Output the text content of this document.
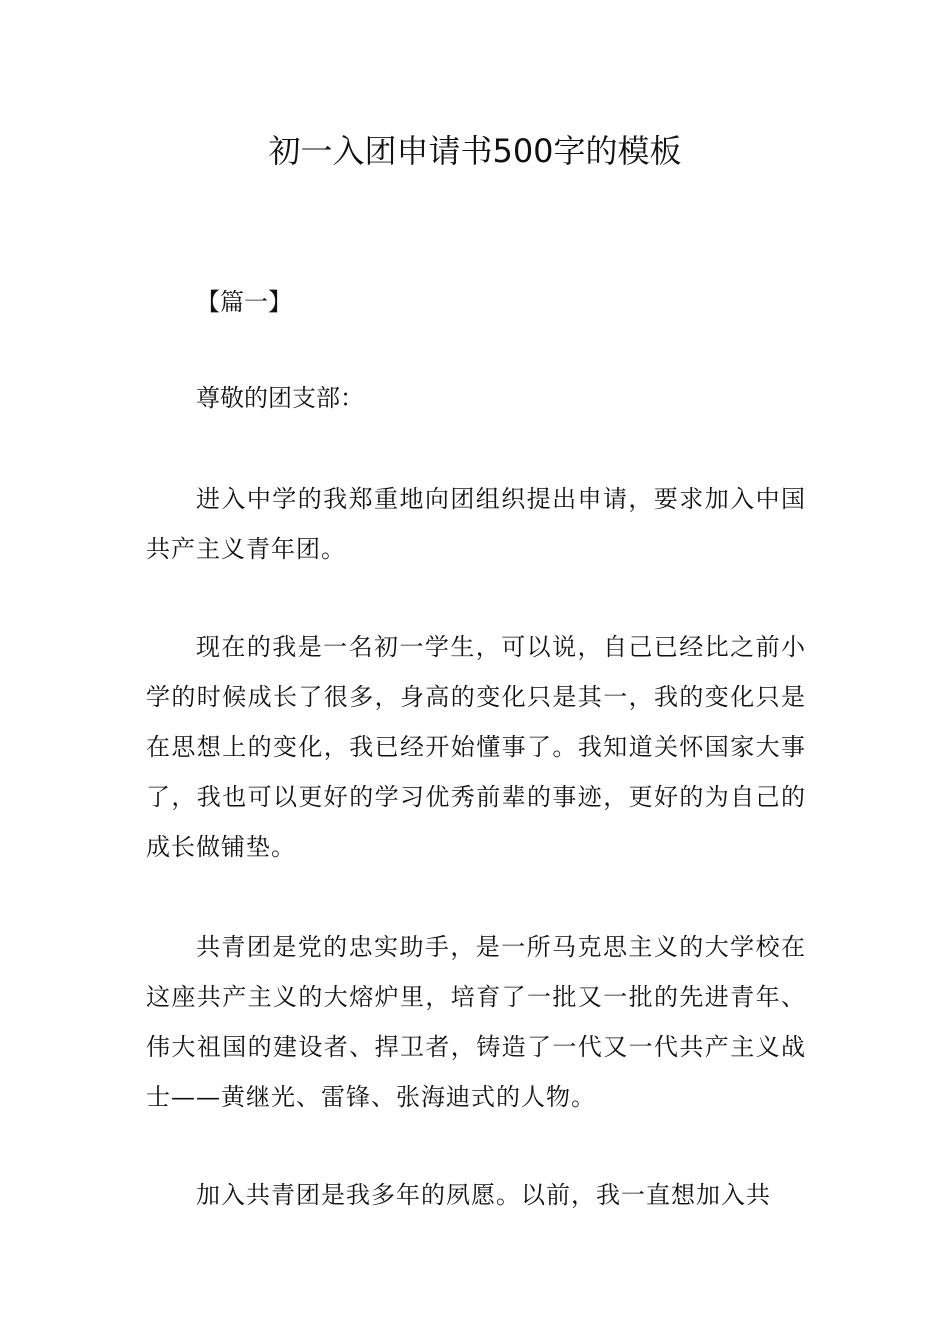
初一入团申请书500字的模板
【篇一】
尊敬的团支部：

进入中学的我郑重地向团组织提出申请，要求加入中国共产主义青年团。

现在的我是一名初一学生，可以说，自己已经比之前小学的时候成长了很多，身高的变化只是其一，我的变化只是在思想上的变化，我已经开始懂事了。我知道关怀国家大事了，我也可以更好的学习优秀前辈的事迹，更好的为自己的成长做铺垫。

共青团是党的忠实助手，是一所马克思主义的大学校在这座共产主义的大熔炉里，培育了一批又一批的先进青年、伟大祖国的建设者、捍卫者，铸造了一代又一代共产主义战士——黄继光、雷锋、张海迪式的人物。

加入共青团是我多年的夙愿。以前，我一直想加入共
